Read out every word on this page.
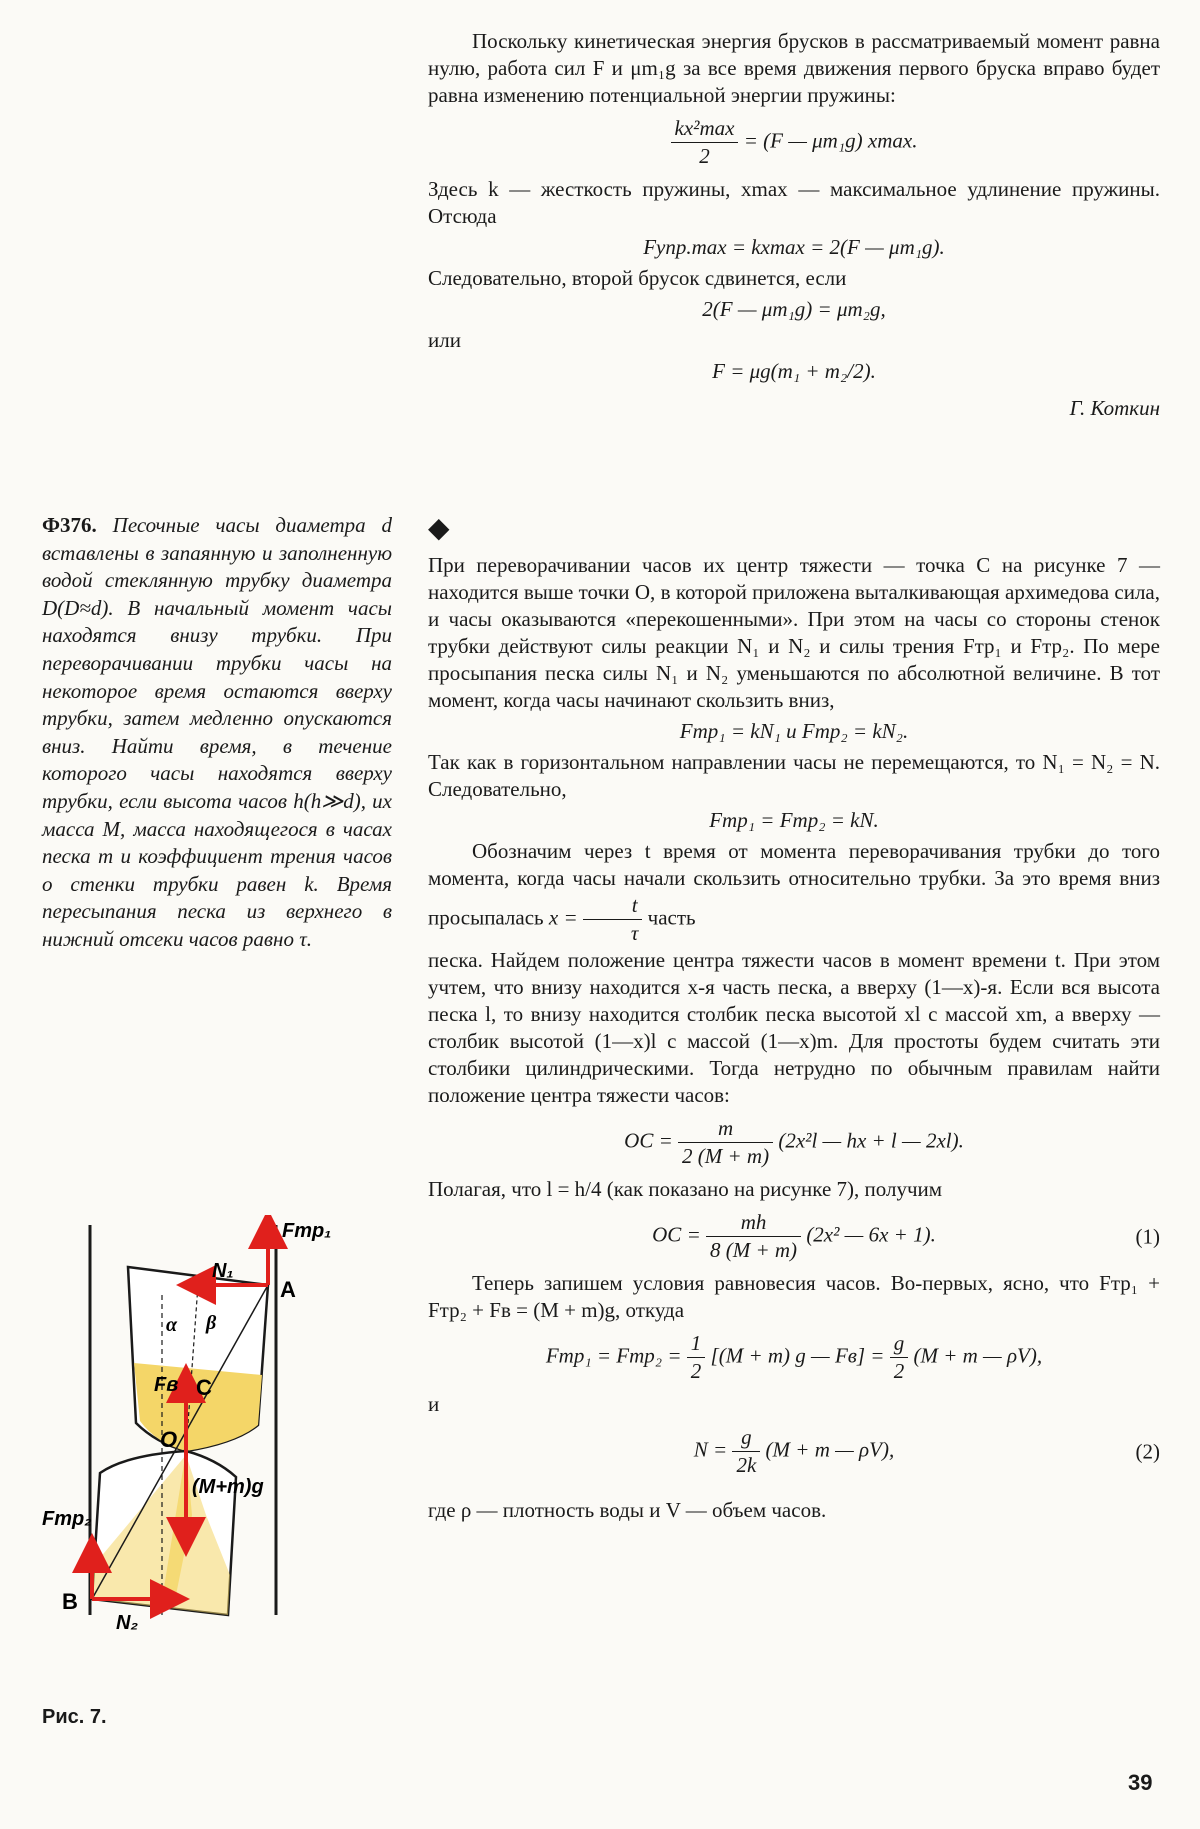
Поскольку кинетическая энергия брусков в рассматриваемый момент равна нулю, работа сил F и μm₁g за все время движения первого бруска вправо будет равна изменению потенциальной энергии пружины:

$\frac{\text{kx²max}}{2} = (F$ — μm₁g) xmax.

Здесь k — жесткость пружины, xmax — максимальное удлинение пружины. Отсюда

Fупр.max = kxmax = 2(F — μm₁g).

Следовательно, второй брусок сдвинется, если

2(F — μm₁g) = μm₂g,

или

F = μg(m₁ + m₂/2).

Г. Коткин

Ф376. Песочные часы диаметра d вставлены в запаянную и заполненную водой стеклянную трубку диаметра D(D≈d). В начальный момент часы находятся внизу трубки. При переворачивании трубки часы на некоторое время остаются вверху трубки, затем медленно опускаются вниз. Найти время, в течение которого часы находятся вверху трубки, если высота часов h(h≫d), их масса M, масса находящегося в часах песка m и коэффициент трения часов о стенки трубки равен k. Время пересыпания песка из верхнего в нижний отсеки часов равно τ.

Fтр₁
N₁
A
α β
Fв C
O
(M+m)g
Fтр₂
B
N₂
Рис. 7.
◆

При переворачивании часов их центр тяжести — точка C на рисунке 7 — находится выше точки O, в которой приложена выталкивающая архимедова сила, и часы оказываются «перекошенными». При этом на часы со стороны стенок трубки действуют силы реакции N₁ и N₂ и силы трения Fтр₁ и Fтр₂. По мере просыпания песка силы N₁ и N₂ уменьшаются по абсолютной величине. В тот момент, когда часы начинают скользить вниз,

Fтр₁ = kN₁ и Fтр₂ = kN₂.

Так как в горизонтальном направлении часы не перемещаются, то N₁ = N₂ = N. Следовательно,

Fтр₁ = Fтр₂ = kN.

Обозначим через t время от момента переворачивания трубки до того момента, когда часы начали скользить относительно трубки. За это время вниз просыпалась $x = \frac{t}{\tau}$ часть

песка. Найдем положение центра тяжести часов в момент времени t. При этом учтем, что внизу находится x-я часть песка, а вверху (1—x)-я. Если вся высота песка l, то внизу находится столбик песка высотой xl с массой xm, а вверху — столбик высотой (1—x)l с массой (1—x)m. Для простоты будем считать эти столбики цилиндрическими. Тогда нетрудно по обычным правилам найти положение центра тяжести часов:

OC = $\frac{m}{2 (M + m)} (2x^2l$ — hx + l — 2xl).

Полагая, что l = h/4 (как показано на рисунке 7), получим

OC = $\frac{mh}{8 (M + m)} (2x^2$ — 6x + 1).	(1)

Теперь запишем условия равновесия часов. Во-первых, ясно, что Fтр₁ + Fтр₂ + Fв = (M + m)g, откуда

$Fтр_1 = Fтр_2 = \frac{1}{2} [(M + m)$ g — $Fв] = \frac{g}{2} (M + m$ — ρV),

и

$N = \frac{g}{2k} (M + m$ — ρV),	(2)

где ρ — плотность воды и V — объем часов.

39
